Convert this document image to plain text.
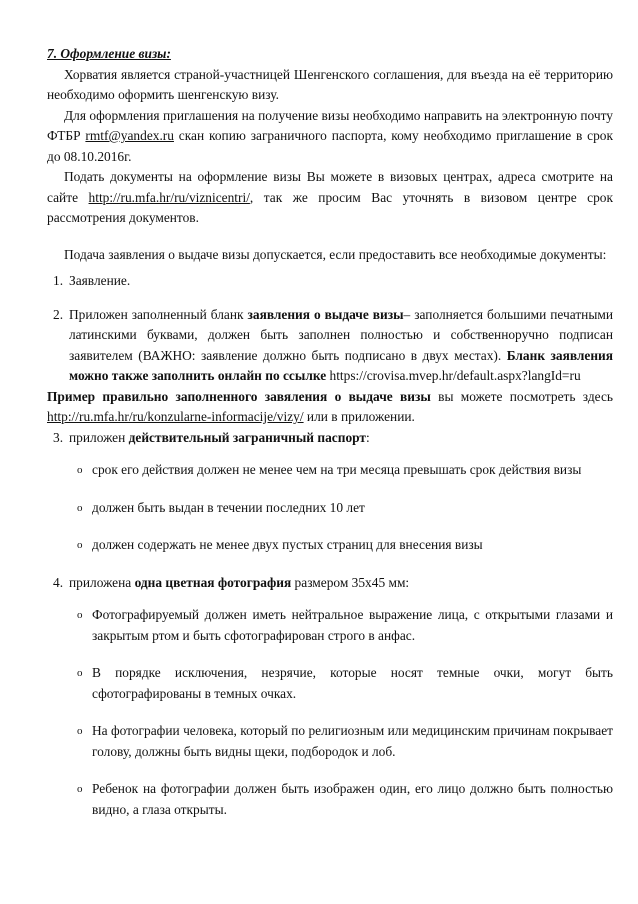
7. Оформление визы:
Хорватия является страной-участницей Шенгенского соглашения, для въезда на её территорию необходимо оформить шенгенскую визу.
Для оформления приглашения на получение визы необходимо направить на электронную почту ФТБР rmtf@yandex.ru скан копию заграничного паспорта, кому необходимо приглашение в срок до 08.10.2016г.
Подать документы на оформление визы Вы можете в визовых центрах, адреса смотрите на сайте http://ru.mfa.hr/ru/viznicentri/, так же просим Вас уточнять в визовом центре срок рассмотрения документов.
Подача заявления о выдаче визы допускается, если предоставить все необходимые документы:
1. Заявление.
2. Приложен заполненный бланк заявления о выдаче визы– заполняется большими печатными латинскими буквами, должен быть заполнен полностью и собственноручно подписан заявителем (ВАЖНО: заявление должно быть подписано в двух местах). Бланк заявления можно также заполнить онлайн по ссылке https://crovisa.mvep.hr/default.aspx?langId=ru
Пример правильно заполненного завяления о выдаче визы вы можете посмотреть здесь http://ru.mfa.hr/ru/konzularne-informacije/vizy/ или в приложении.
3. приложен действительный заграничный паспорт:
o срок его действия должен не менее чем на три месяца превышать срок действия визы
o должен быть выдан в течении последних 10 лет
o должен содержать не менее двух пустых страниц для внесения визы
4. приложена одна цветная фотография размером 35x45 мм:
o Фотографируемый должен иметь нейтральное выражение лица, с открытыми глазами и закрытым ртом и быть сфотографирован строго в анфас.
o В порядке исключения, незрячие, которые носят темные очки, могут быть сфотографированы в темных очках.
o На фотографии человека, который по религиозным или медицинским причинам покрывает голову, должны быть видны щеки, подбородок и лоб.
o Ребенок на фотографии должен быть изображен один, его лицо должно быть полностью видно, а глаза открыты.
